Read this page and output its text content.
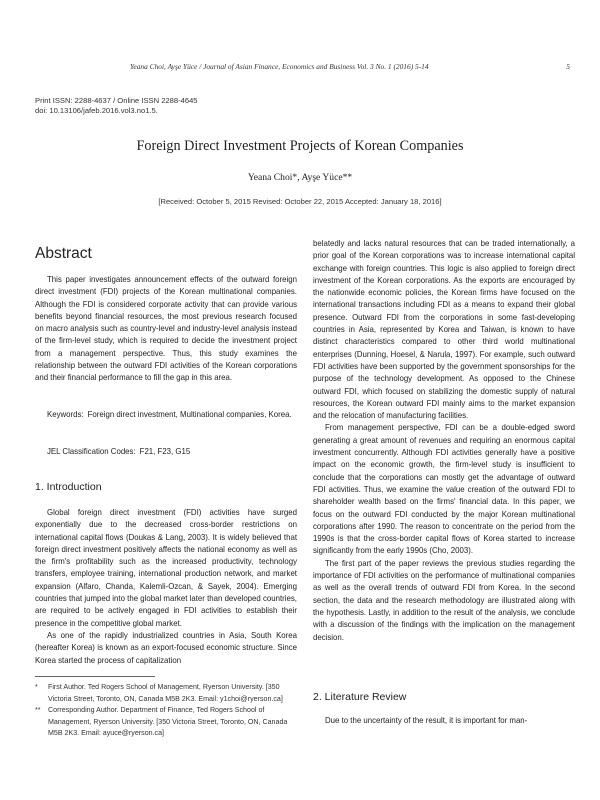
Yeana Choi, Ayşe Yüce / Journal of Asian Finance, Economics and Business Vol. 3 No. 1 (2016) 5-14	5
Print ISSN: 2288-4637 / Online ISSN 2288-4645
doi: 10.13106/jafeb.2016.vol3.no1.5.
Foreign Direct Investment Projects of Korean Companies
Yeana Choi*, Ayşe Yüce**
[Received: October 5, 2015 Revised: October 22, 2015 Accepted: January 18, 2016]
Abstract

This paper investigates announcement effects of the outward foreign direct investment (FDI) projects of the Korean multinational companies. Although the FDI is considered corporate activity that can provide various benefits beyond financial resources, the most previous research focused on macro analysis such as country-level and industry-level analysis instead of the firm-level study, which is required to decide the investment project from a management perspective. Thus, this study examines the relationship between the outward FDI activities of the Korean corporations and their financial performance to fill the gap in this area.

Keywords: Foreign direct investment, Multinational companies, Korea.
JEL Classification Codes: F21, F23, G15
1. Introduction

Global foreign direct investment (FDI) activities have surged exponentially due to the decreased cross-border restrictions on international capital flows (Doukas & Lang, 2003). It is widely believed that foreign direct investment positively affects the national economy as well as the firm's profitability such as the increased productivity, technology transfers, employee training, international production network, and market expansion (Alfaro, Chanda, Kalemli-Ozcan, & Sayek, 2004). Emerging countries that jumped into the global market later than developed countries, are required to be actively engaged in FDI activities to establish their presence in the competitive global market.

As one of the rapidly industrialized countries in Asia, South Korea (hereafter Korea) is known as an export-focused economic structure. Since Korea started the process of capitalization

* First Author. Ted Rogers School of Management, Ryerson University. [350 Victoria Street, Toronto, ON, Canada M5B 2K3. Email: y1choi@ryerson.ca]
** Corresponding Author. Department of Finance, Ted Rogers School of Management, Ryerson University. [350 Victoria Street, Toronto, ON, Canada M5B 2K3. Email: ayuce@ryerson.ca]

belatedly and lacks natural resources that can be traded internationally, a prior goal of the Korean corporations was to increase international capital exchange with foreign countries. This logic is also applied to foreign direct investment of the Korean corporations. As the exports are encouraged by the nationwide economic policies, the Korean firms have focused on the international transactions including FDI as a means to expand their global presence. Outward FDI from the corporations in some fast-developing countries in Asia, represented by Korea and Taiwan, is known to have distinct characteristics compared to other third world multinational enterprises (Dunning, Hoesel, & Narula, 1997). For example, such outward FDI activities have been supported by the government sponsorships for the purpose of the technology development. As opposed to the Chinese outward FDI, which focused on stabilizing the domestic supply of natural resources, the Korean outward FDI mainly aims to the market expansion and the relocation of manufacturing facilities.

From management perspective, FDI can be a double-edged sword generating a great amount of revenues and requiring an enormous capital investment concurrently. Although FDI activities generally have a positive impact on the economic growth, the firm-level study is insufficient to conclude that the corporations can mostly get the advantage of outward FDI activities. Thus, we examine the value creation of the outward FDI to shareholder wealth based on the firms' financial data. In this paper, we focus on the outward FDI conducted by the major Korean multinational corporations after 1990. The reason to concentrate on the period from the 1990s is that the cross-border capital flows of Korea started to increase significantly from the early 1990s (Cho, 2003).

The first part of the paper reviews the previous studies regarding the importance of FDI activities on the performance of multinational companies as well as the overall trends of outward FDI from Korea. In the second section, the data and the research methodology are illustrated along with the hypothesis. Lastly, in addition to the result of the analysis, we conclude with a discussion of the findings with the implication on the management decision.

2. Literature Review

Due to the uncertainty of the result, it is important for man-
